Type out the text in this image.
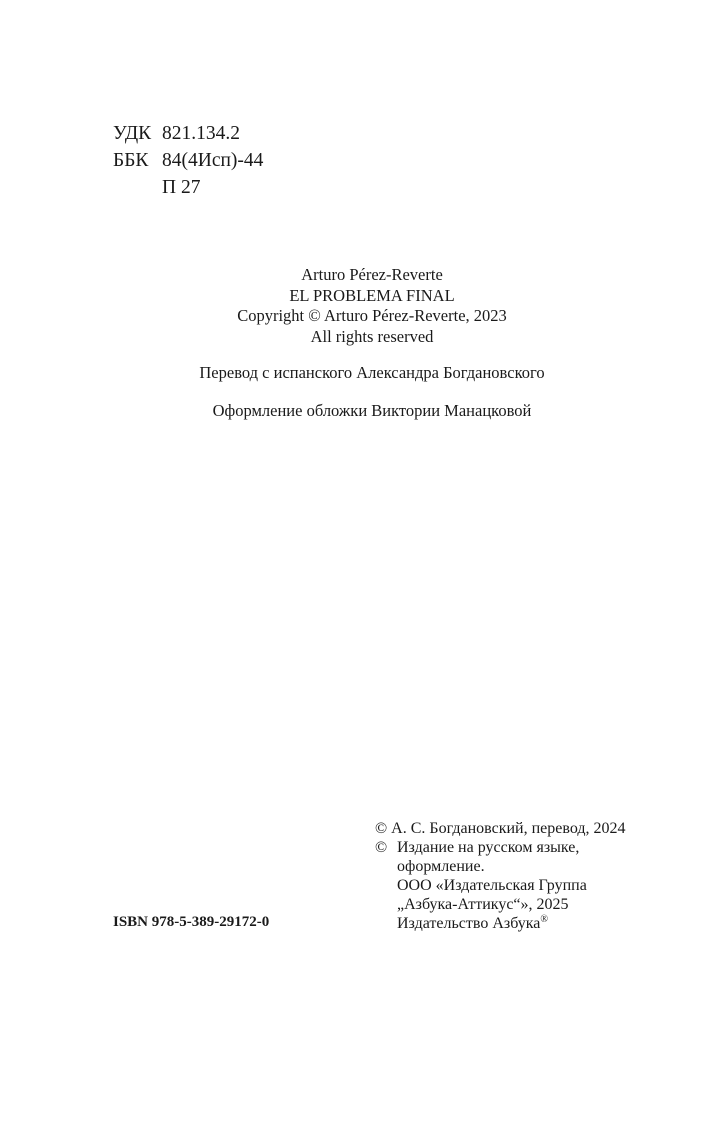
УДК 821.134.2
ББК 84(4Исп)-44
П 27
Arturo Pérez-Reverte
EL PROBLEMA FINAL
Copyright © Arturo Pérez-Reverte, 2023
All rights reserved
Перевод с испанского Александра Богдановского
Оформление обложки Виктории Манацковой
ISBN 978-5-389-29172-0
© А. С. Богдановский, перевод, 2024
© Издание на русском языке,
оформление.
ООО «Издательская Группа
„Азбука-Аттикус“», 2025
Издательство Азбука®
